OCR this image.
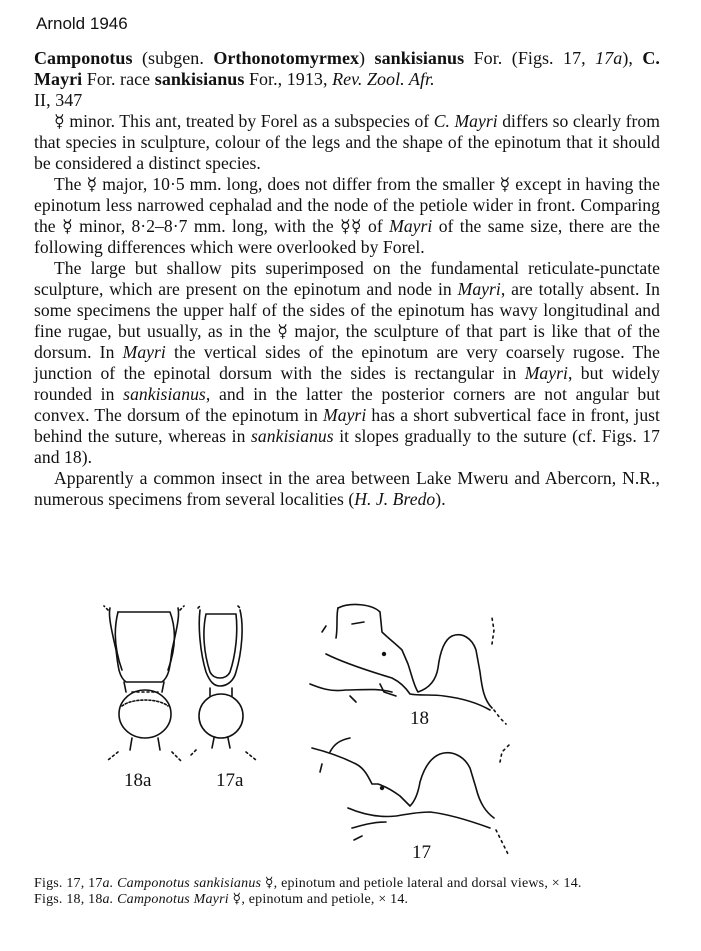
Arnold 1946

Camponotus (subgen. Orthonotomyrmex) sankisianus For. (Figs. 17, 17a), C. Mayri For. race sankisianus For., 1913, Rev. Zool. Afr.
II, 347

☿ minor. This ant, treated by Forel as a subspecies of C. Mayri differs so clearly from that species in sculpture, colour of the legs and the shape of the epinotum that it should be considered a distinct species.

The ☿ major, 10·5 mm. long, does not differ from the smaller ☿ except in having the epinotum less narrowed cephalad and the node of the petiole wider in front. Comparing the ☿ minor, 8·2–8·7 mm. long, with the ☿☿ of Mayri of the same size, there are the following differences which were overlooked by Forel.

The large but shallow pits superimposed on the fundamental reticulate-punctate sculpture, which are present on the epinotum and node in Mayri, are totally absent. In some specimens the upper half of the sides of the epinotum has wavy longitudinal and fine rugae, but usually, as in the ☿ major, the sculpture of that part is like that of the dorsum. In Mayri the vertical sides of the epinotum are very coarsely rugose. The junction of the epinotal dorsum with the sides is rectangular in Mayri, but widely rounded in sankisianus, and in the latter the posterior corners are not angular but convex. The dorsum of the epinotum in Mayri has a short subvertical face in front, just behind the suture, whereas in sankisianus it slopes gradually to the suture (cf. Figs. 17 and 18).

Apparently a common insect in the area between Lake Mweru and Abercorn, N.R., numerous specimens from several localities (H. J. Bredo).

18a	17a
18
17

Figs. 17, 17a. Camponotus sankisianus ☿, epinotum and petiole lateral and dorsal views, × 14.

Figs. 18, 18a. Camponotus Mayri ☿, epinotum and petiole, × 14.
